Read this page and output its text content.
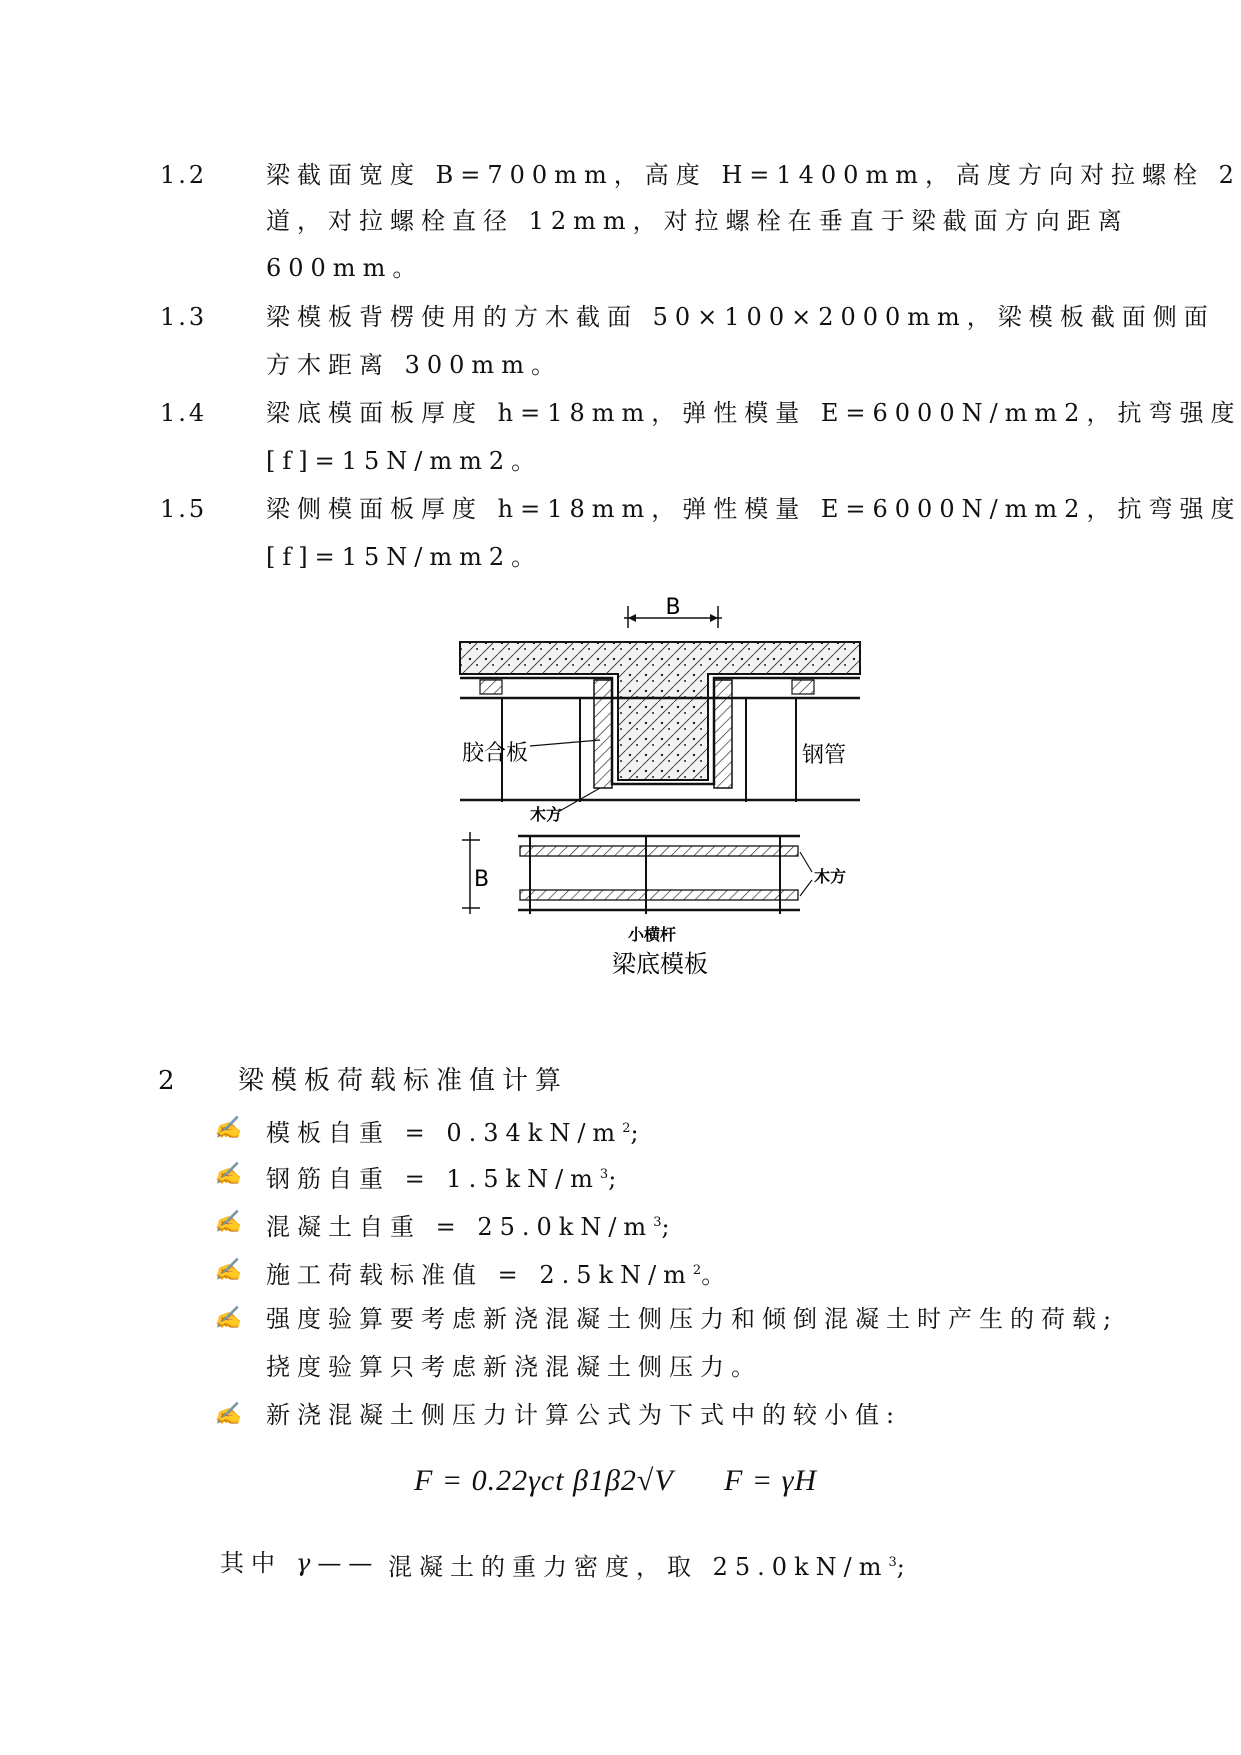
1.2 梁截面宽度 B=700mm，高度 H=1400mm，高度方向对拉螺栓 2
道，对拉螺栓直径 12mm，对拉螺栓在垂直于梁截面方向距离
600mm。
1.3 梁模板背楞使用的方木截面 50×100×2000mm，梁模板截面侧面
方木距离 300mm。
1.4 梁底模面板厚度 h=18mm，弹性模量 E=6000N/mm2，抗弯强度
[f]=15N/mm2。
1.5 梁侧模面板厚度 h=18mm，弹性模量 E=6000N/mm2，抗弯强度
[f]=15N/mm2。
B
胶合板	钢管
木方
B	木方
小横杆
梁底模板
2 梁模板荷载标准值计算
✍ 模板自重 = $0.34kN/m^2$;
✍ 钢筋自重 = $1.5kN/m^3$;
✍ 混凝土自重 = $25.0kN/m^3$;
✍ 施工荷载标准值 = $2.5kN/m^2$。
✍ 强度验算要考虑新浇混凝土侧压力和倾倒混凝土时产生的荷载;
挠度验算只考虑新浇混凝土侧压力。
✍ 新浇混凝土侧压力计算公式为下式中的较小值:
F = 0.22γct β1β2√V F = γH
其中 γ—— 混凝土的重力密度，取 $25.0kN/m^3$;
